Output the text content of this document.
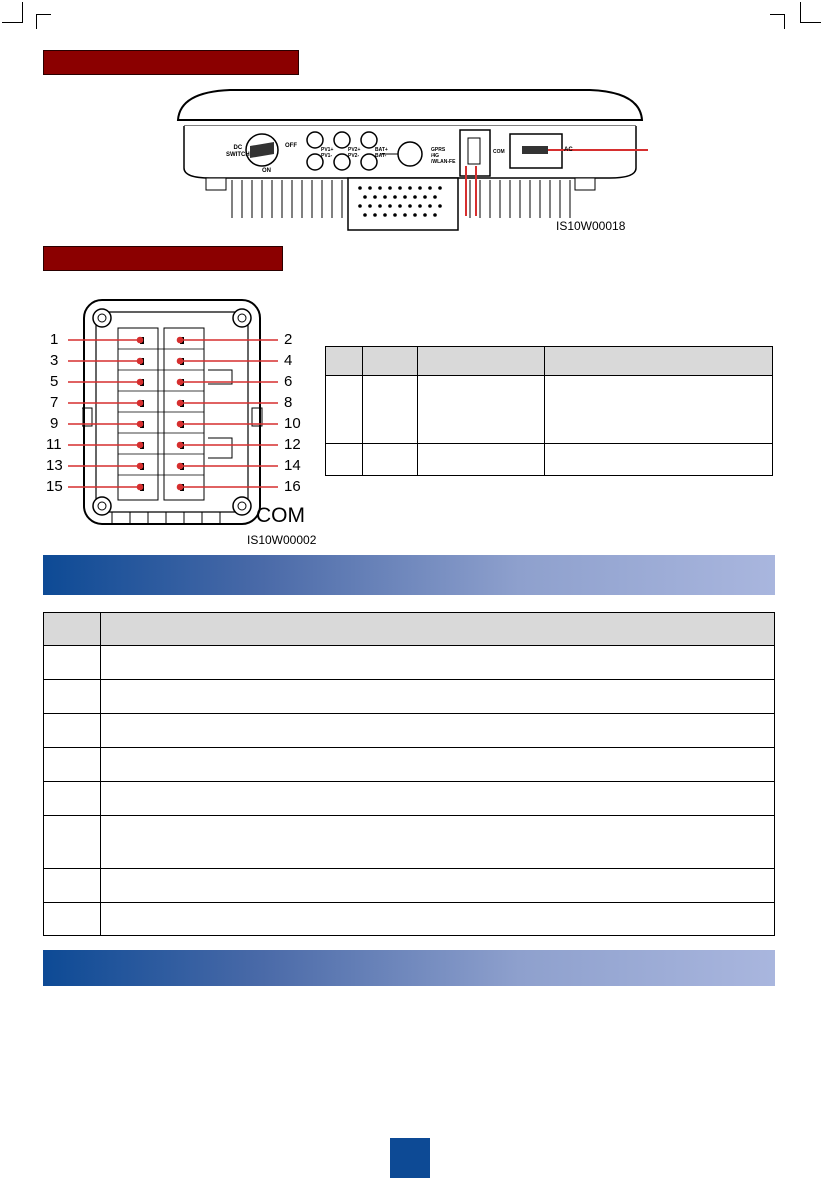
DC
SWITCH
OFF
ON
PV1+
PV1-
PV2+
PV2-
BAT+
BAT-
GPRS
/4G
/WLAN-FE
COM	AC
IS10W00018
1
3
5
7
9
11
13
15
2
4
6
8
10
12
14
16
COM
IS10W00002
